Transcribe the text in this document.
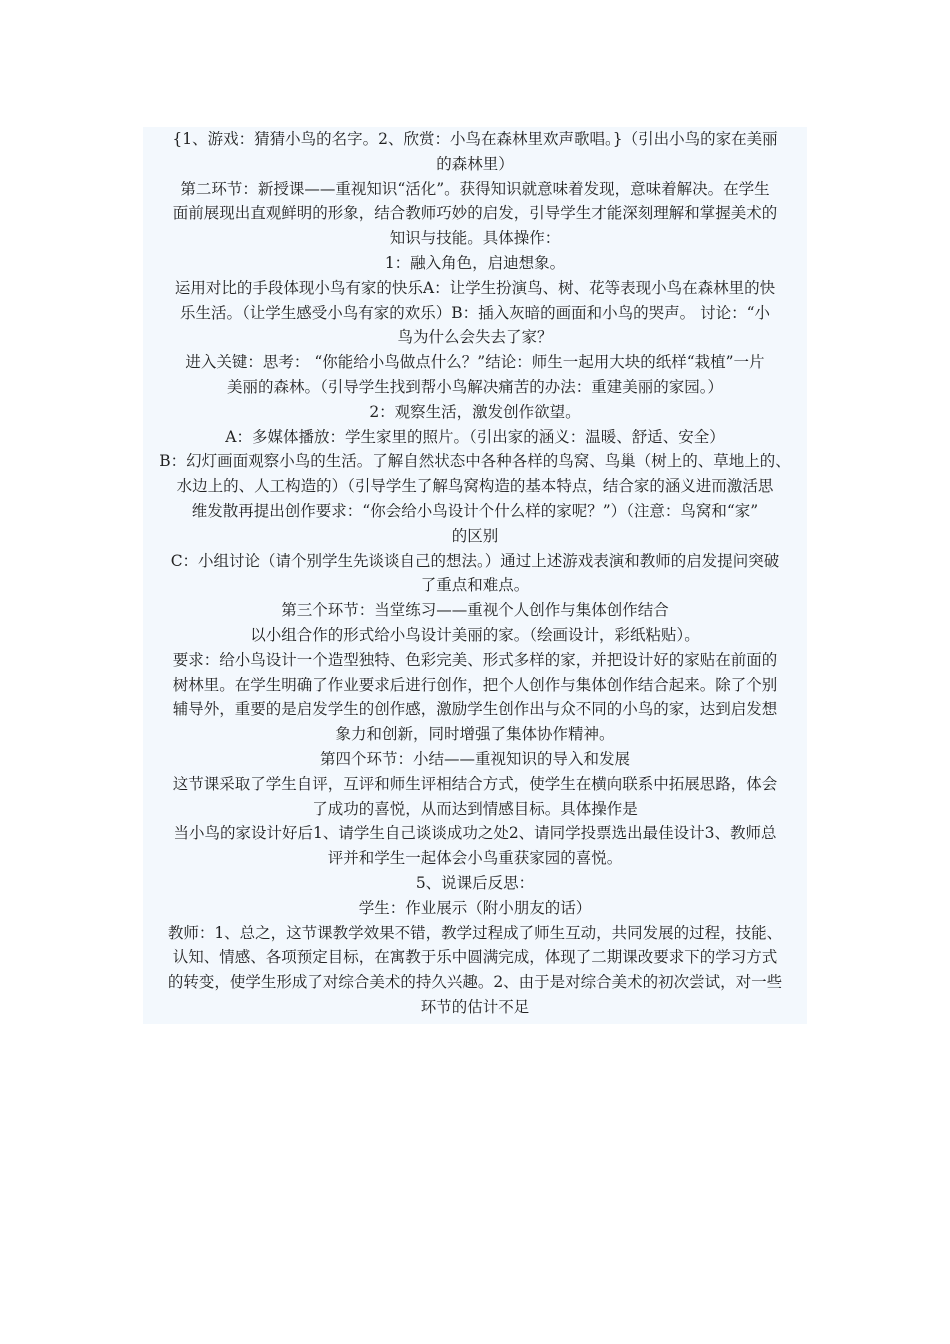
{1、游戏：猜猜小鸟的名字。2、欣赏：小鸟在森林里欢声歌唱。}（引出小鸟的家在美丽
的森林里）
第二环节：新授课——重视知识“活化”。获得知识就意味着发现，意味着解决。在学生
面前展现出直观鲜明的形象，结合教师巧妙的启发，引导学生才能深刻理解和掌握美术的
知识与技能。具体操作：
1：融入角色，启迪想象。
运用对比的手段体现小鸟有家的快乐A：让学生扮演鸟、树、花等表现小鸟在森林里的快
乐生活。（让学生感受小鸟有家的欢乐）B：插入灰暗的画面和小鸟的哭声。 讨论：“小
鸟为什么会失去了家？
进入关键：思考： “你能给小鸟做点什么？”结论：师生一起用大块的纸样“栽植”一片
美丽的森林。（引导学生找到帮小鸟解决痛苦的办法：重建美丽的家园。）
2：观察生活，激发创作欲望。
A：多媒体播放：学生家里的照片。（引出家的涵义：温暖、舒适、安全）
B：幻灯画面观察小鸟的生活。了解自然状态中各种各样的鸟窝、鸟巢（树上的、草地上的、
水边上的、人工构造的）（引导学生了解鸟窝构造的基本特点，结合家的涵义进而激活思
维发散再提出创作要求：“你会给小鸟设计个什么样的家呢？”）（注意：鸟窝和“家”
的区别
C：小组讨论（请个别学生先谈谈自己的想法。）通过上述游戏表演和教师的启发提问突破
了重点和难点。
第三个环节：当堂练习——重视个人创作与集体创作结合
以小组合作的形式给小鸟设计美丽的家。（绘画设计，彩纸粘贴）。
要求：给小鸟设计一个造型独特、色彩完美、形式多样的家，并把设计好的家贴在前面的
树林里。在学生明确了作业要求后进行创作，把个人创作与集体创作结合起来。除了个别
辅导外，重要的是启发学生的创作感，激励学生创作出与众不同的小鸟的家，达到启发想
象力和创新，同时增强了集体协作精神。
第四个环节：小结——重视知识的导入和发展
这节课采取了学生自评，互评和师生评相结合方式，使学生在横向联系中拓展思路，体会
了成功的喜悦，从而达到情感目标。具体操作是
当小鸟的家设计好后1、请学生自己谈谈成功之处2、请同学投票选出最佳设计3、教师总
评并和学生一起体会小鸟重获家园的喜悦。
5、说课后反思：
学生：作业展示（附小朋友的话）
教师：1、总之，这节课教学效果不错，教学过程成了师生互动，共同发展的过程，技能、
认知、情感、各项预定目标，在寓教于乐中圆满完成，体现了二期课改要求下的学习方式
的转变，使学生形成了对综合美术的持久兴趣。2、由于是对综合美术的初次尝试，对一些
环节的估计不足
